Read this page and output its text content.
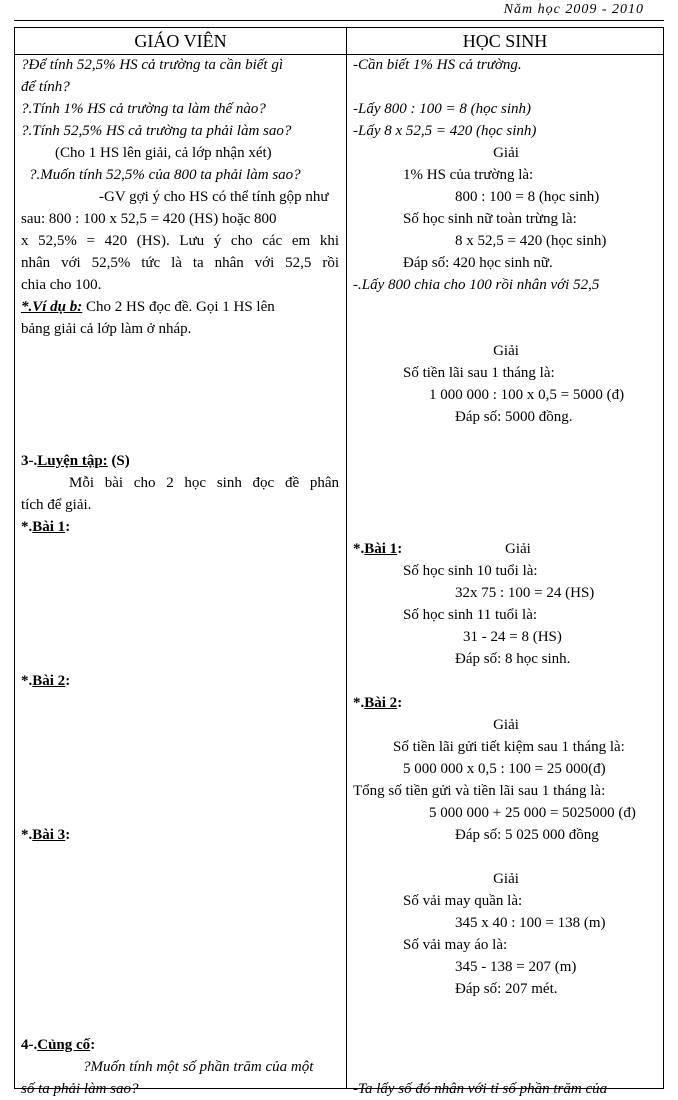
Năm học 2009 - 2010
GIÁO VIÊN	HỌC SINH
?Để tính 52,5% HS cả trường ta cần biết gì
để tính?
?.Tính 1% HS cả trường ta làm thế nào?
?.Tính 52,5% HS cả trường ta phải làm sao?
(Cho 1 HS lên giải, cả lớp nhận xét)
?.Muốn tính 52,5% của 800 ta phải làm sao?
-GV gợi ý cho HS có thể tính gộp như
sau: 800 : 100 x 52,5 = 420 (HS) hoặc 800
x 52,5% = 420 (HS). Lưu ý cho các em khi
nhân với 52,5% tức là ta nhân với 52,5 rồi
chia cho 100.
*.Ví dụ b: Cho 2 HS đọc đề. Gọi 1 HS lên
bảng giải cả lớp làm ở nháp.
3-.Luyện tập: (S)
Mỗi bài cho 2 học sinh đọc đề phân
tích để giải.
*.Bài 1:
*.Bài 2:
*.Bài 3:
4-.Củng cố:
?Muốn tính một số phần trăm của một
số ta phải làm sao?
-Cần biết 1% HS cả trường.
-Lấy 800 : 100 = 8 (học sinh)
-Lấy 8 x 52,5 = 420 (học sinh)
Giải
1% HS của trường là:
800 : 100 = 8 (học sinh)
Số học sinh nữ toàn trừng là:
8 x 52,5 = 420 (học sinh)
Đáp số: 420 học sinh nữ.
-.Lấy 800 chia cho 100 rồi nhân với 52,5
Giải
Số tiền lãi sau 1 tháng là:
1 000 000 : 100 x 0,5 = 5000 (đ)
Đáp số: 5000 đồng.
*.Bài 1:	Giải
Số học sinh 10 tuổi là:
32x 75 : 100 = 24 (HS)
Số học sinh 11 tuổi là:
31 - 24 = 8 (HS)
Đáp số: 8 học sinh.
*.Bài 2:
Giải
Số tiền lãi gửi tiết kiệm sau 1 tháng là:
5 000 000 x 0,5 : 100 = 25 000(đ)
Tổng số tiền gửi và tiền lãi sau 1 tháng là:
5 000 000 + 25 000 = 5025000 (đ)
Đáp số: 5 025 000 đồng
Giải
Số vải may quần là:
345 x 40 : 100 = 138 (m)
Số vải may áo là:
345 - 138 = 207 (m)
Đáp số: 207 mét.
-Ta lấy số đó nhân với tỉ số phần trăm của
